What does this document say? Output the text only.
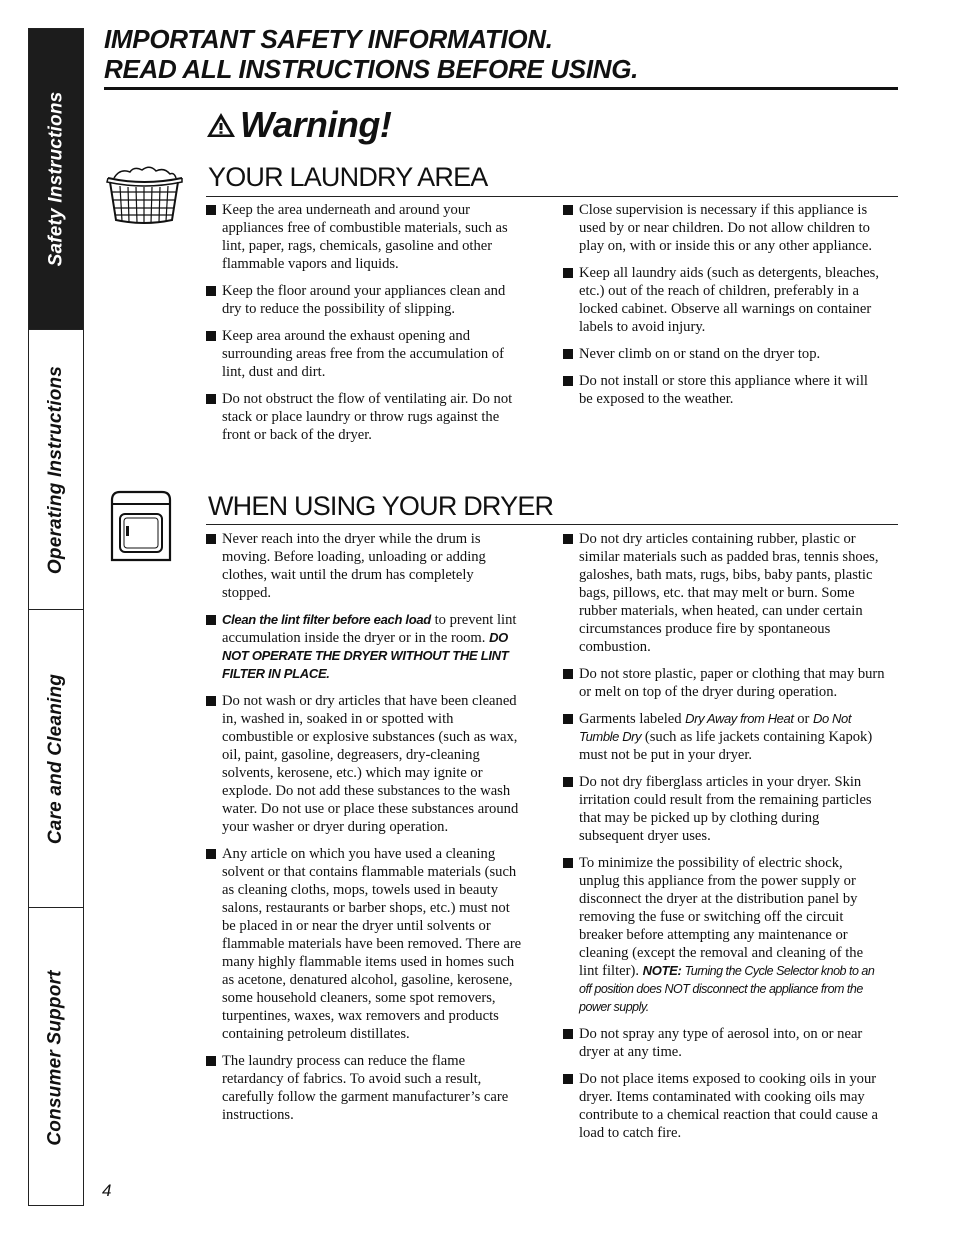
Safety Instructions
Operating Instructions
Care and Cleaning
Consumer Support
IMPORTANT SAFETY INFORMATION.
READ ALL INSTRUCTIONS BEFORE USING.
Warning!
YOUR LAUNDRY AREA
Keep the area underneath and around your appliances free of combustible materials, such as lint, paper, rags, chemicals, gasoline and other flammable vapors and liquids.
Keep the floor around your appliances clean and dry to reduce the possibility of slipping.
Keep area around the exhaust opening and surrounding areas free from the accumulation of lint, dust and dirt.
Do not obstruct the flow of ventilating air. Do not stack or place laundry or throw rugs against the front or back of the dryer.
Close supervision is necessary if this appliance is used by or near children. Do not allow children to play on, with or inside this or any other appliance.
Keep all laundry aids (such as detergents, bleaches, etc.) out of the reach of children, preferably in a locked cabinet. Observe all warnings on container labels to avoid injury.
Never climb on or stand on the dryer top.
Do not install or store this appliance where it will be exposed to the weather.
WHEN USING YOUR DRYER
Never reach into the dryer while the drum is moving. Before loading, unloading or adding clothes, wait until the drum has completely stopped.
Clean the lint filter before each load to prevent lint accumulation inside the dryer or in the room. DO NOT OPERATE THE DRYER WITHOUT THE LINT FILTER IN PLACE.
Do not wash or dry articles that have been cleaned in, washed in, soaked in or spotted with combustible or explosive substances (such as wax, oil, paint, gasoline, degreasers, dry-cleaning solvents, kerosene, etc.) which may ignite or explode. Do not add these substances to the wash water. Do not use or place these substances around your washer or dryer during operation.
Any article on which you have used a cleaning solvent or that contains flammable materials (such as cleaning cloths, mops, towels used in beauty salons, restaurants or barber shops, etc.) must not be placed in or near the dryer until solvents or flammable materials have been removed. There are many highly flammable items used in homes such as acetone, denatured alcohol, gasoline, kerosene, some household cleaners, some spot removers, turpentines, waxes, wax removers and products containing petroleum distillates.
The laundry process can reduce the flame retardancy of fabrics. To avoid such a result, carefully follow the garment manufacturer’s care instructions.
Do not dry articles containing rubber, plastic or similar materials such as padded bras, tennis shoes, galoshes, bath mats, rugs, bibs, baby pants, plastic bags, pillows, etc. that may melt or burn. Some rubber materials, when heated, can under certain circumstances produce fire by spontaneous combustion.
Do not store plastic, paper or clothing that may burn or melt on top of the dryer during operation.
Garments labeled Dry Away from Heat or Do Not Tumble Dry (such as life jackets containing Kapok) must not be put in your dryer.
Do not dry fiberglass articles in your dryer. Skin irritation could result from the remaining particles that may be picked up by clothing during subsequent dryer uses.
To minimize the possibility of electric shock, unplug this appliance from the power supply or disconnect the dryer at the distribution panel by removing the fuse or switching off the circuit breaker before attempting any maintenance or cleaning (except the removal and cleaning of the lint filter). NOTE: Turning the Cycle Selector knob to an off position does NOT disconnect the appliance from the power supply.
Do not spray any type of aerosol into, on or near dryer at any time.
Do not place items exposed to cooking oils in your dryer. Items contaminated with cooking oils may contribute to a chemical reaction that could cause a load to catch fire.
4
